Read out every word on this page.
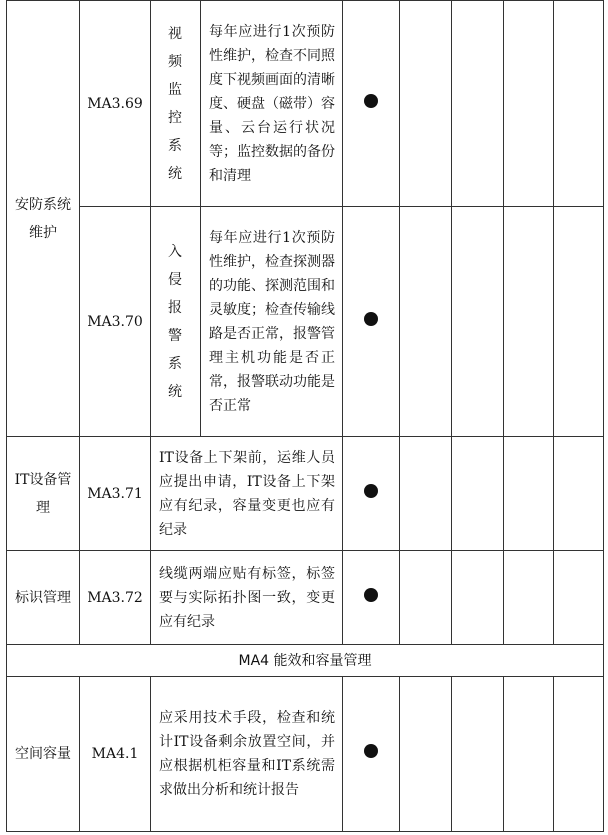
安防系统维护	MA3.69	视频监控系统	每年应进行1次预防性维护，检查不同照度下视频画面的清晰度、硬盘（磁带）容量、云台运行状况等；监控数据的备份和清理					

	MA3.70	入侵报警系统	每年应进行1次预防性维护，检查探测器的功能、探测范围和灵敏度；检查传输线路是否正常，报警管理主机功能是否正常，报警联动功能是否正常					

IT设备管理	MA3.71	IT设备上下架前，运维人员应提出申请，IT设备上下架应有纪录，容量变更也应有纪录						

标识管理	MA3.72	线缆两端应贴有标签，标签要与实际拓扑图一致，变更应有纪录						

MA4 能效和容量管理								

空间容量	MA4.1	应采用技术手段，检查和统计IT设备剩余放置空间，并应根据机柜容量和IT系统需求做出分析和统计报告						
